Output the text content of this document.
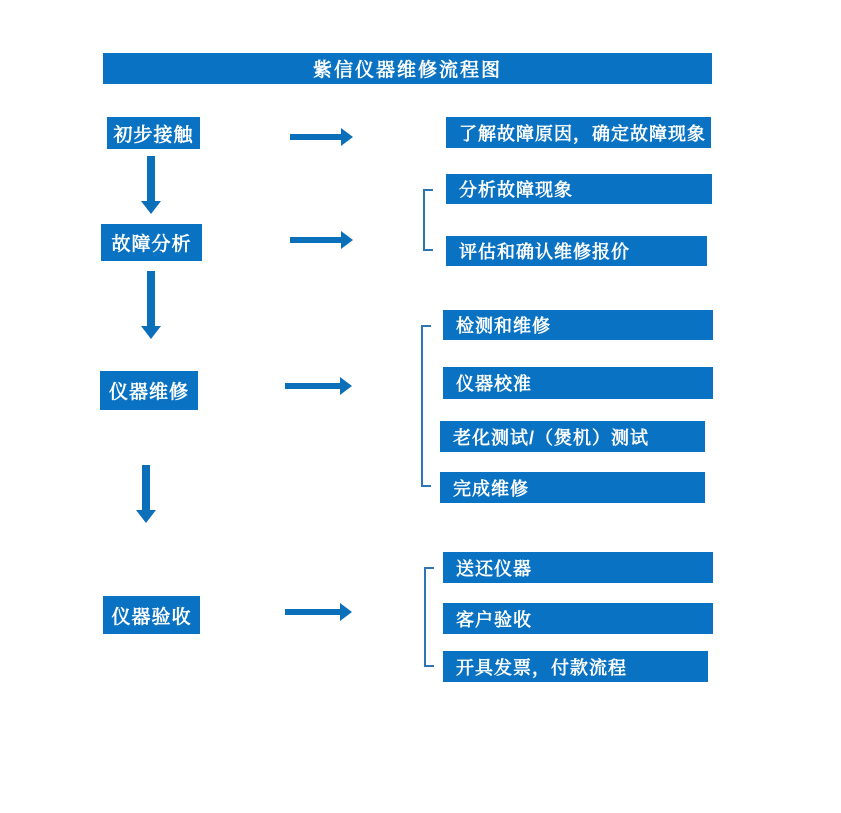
紫信仪器维修流程图
初步接触	了解故障原因，确定故障现象
故障分析
分析故障现象
评估和确认维修报价
仪器维修
检测和维修
仪器校准
老化测试/（煲机）测试
完成维修
仪器验收
送还仪器
客户验收
开具发票，付款流程
